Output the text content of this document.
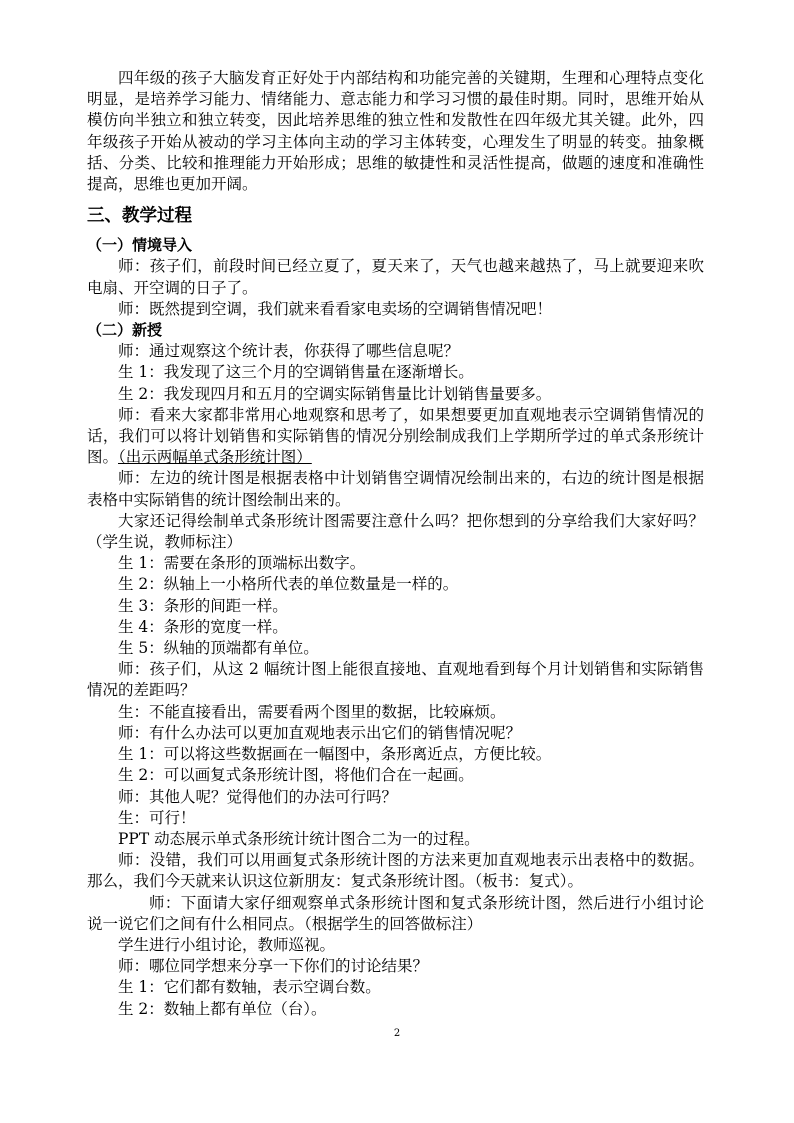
四年级的孩子大脑发育正好处于内部结构和功能完善的关键期，生理和心理特点变化明显，是培养学习能力、情绪能力、意志能力和学习习惯的最佳时期。同时，思维开始从模仿向半独立和独立转变，因此培养思维的独立性和发散性在四年级尤其关键。此外，四年级孩子开始从被动的学习主体向主动的学习主体转变，心理发生了明显的转变。抽象概括、分类、比较和推理能力开始形成；思维的敏捷性和灵活性提高，做题的速度和准确性提高，思维也更加开阔。

三、教学过程
（一）情境导入

师：孩子们，前段时间已经立夏了，夏天来了，天气也越来越热了，马上就要迎来吹电扇、开空调的日子了。

师：既然提到空调，我们就来看看家电卖场的空调销售情况吧！

（二）新授

师：通过观察这个统计表，你获得了哪些信息呢？

生 1：我发现了这三个月的空调销售量在逐渐增长。

生 2：我发现四月和五月的空调实际销售量比计划销售量要多。

师：看来大家都非常用心地观察和思考了，如果想要更加直观地表示空调销售情况的话，我们可以将计划销售和实际销售的情况分别绘制成我们上学期所学过的单式条形统计图。（出示两幅单式条形统计图）

师：左边的统计图是根据表格中计划销售空调情况绘制出来的，右边的统计图是根据表格中实际销售的统计图绘制出来的。

大家还记得绘制单式条形统计图需要注意什么吗？把你想到的分享给我们大家好吗？（学生说，教师标注）

生 1：需要在条形的顶端标出数字。

生 2：纵轴上一小格所代表的单位数量是一样的。

生 3：条形的间距一样。

生 4：条形的宽度一样。

生 5：纵轴的顶端都有单位。

师：孩子们，从这 2 幅统计图上能很直接地、直观地看到每个月计划销售和实际销售情况的差距吗？

生：不能直接看出，需要看两个图里的数据，比较麻烦。

师：有什么办法可以更加直观地表示出它们的销售情况呢？

生 1：可以将这些数据画在一幅图中，条形离近点，方便比较。

生 2：可以画复式条形统计图，将他们合在一起画。

师：其他人呢？觉得他们的办法可行吗？

生：可行！

PPT 动态展示单式条形统计统计图合二为一的过程。

师：没错，我们可以用画复式条形统计图的方法来更加直观地表示出表格中的数据。那么，我们今天就来认识这位新朋友：复式条形统计图。（板书：复式）。

师：下面请大家仔细观察单式条形统计图和复式条形统计图，然后进行小组讨论说一说它们之间有什么相同点。（根据学生的回答做标注）

学生进行小组讨论，教师巡视。

师：哪位同学想来分享一下你们的讨论结果？

生 1：它们都有数轴，表示空调台数。

生 2：数轴上都有单位（台）。

2
